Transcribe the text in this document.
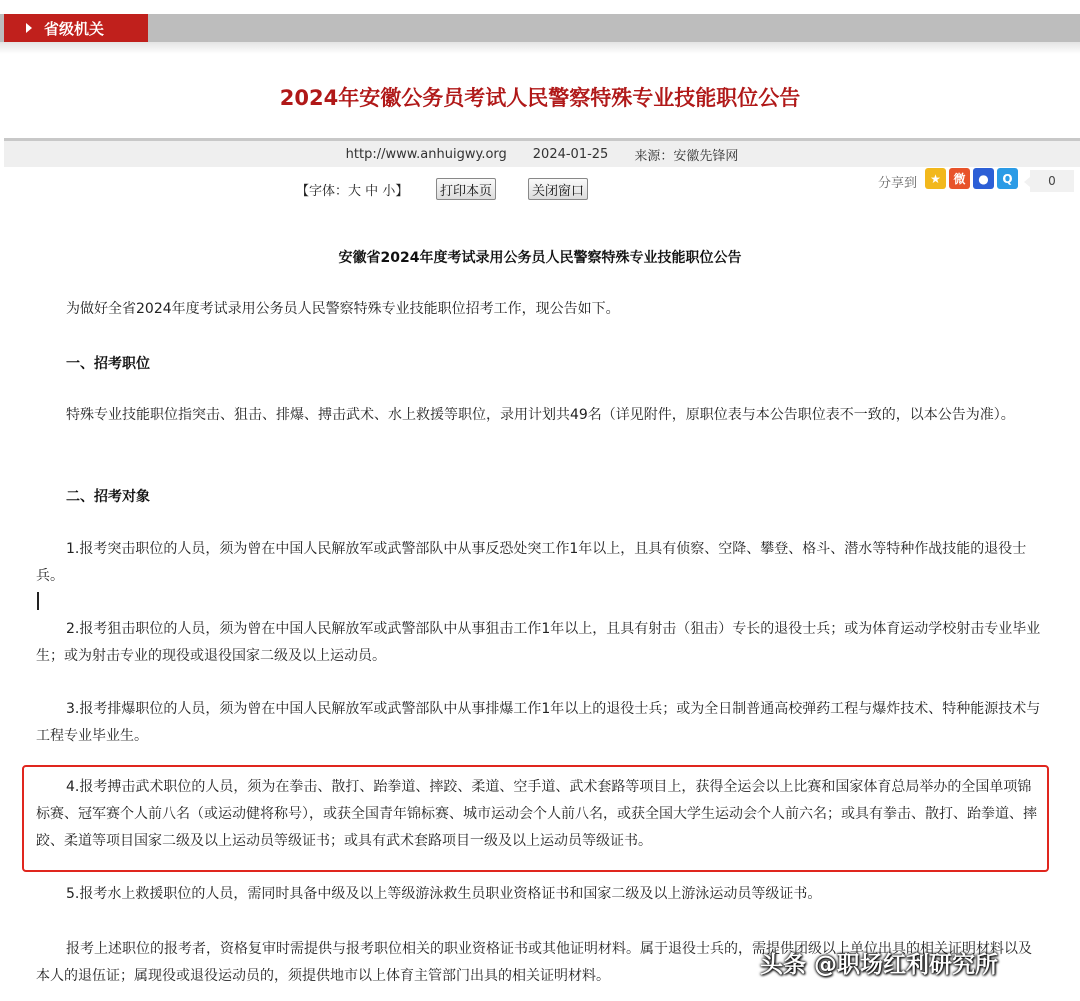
省级机关
2024年安徽公务员考试人民警察特殊专业技能职位公告
http://www.anhuigwy.org 2024-01-25 来源：安徽先锋网
【字体：大 中 小】	打印本页	关闭窗口	分享到	★	微	●	Q	0
安徽省2024年度考试录用公务员人民警察特殊专业技能职位公告
为做好全省2024年度考试录用公务员人民警察特殊专业技能职位招考工作，现公告如下。
一、招考职位
特殊专业技能职位指突击、狙击、排爆、搏击武术、水上救援等职位，录用计划共49名（详见附件，原职位表与本公告职位表不一致的，以本公告为准）。
二、招考对象
1.报考突击职位的人员，须为曾在中国人民解放军或武警部队中从事反恐处突工作1年以上，且具有侦察、空降、攀登、格斗、潜水等特种作战技能的退役士兵。
2.报考狙击职位的人员，须为曾在中国人民解放军或武警部队中从事狙击工作1年以上，且具有射击（狙击）专长的退役士兵；或为体育运动学校射击专业毕业生；或为射击专业的现役或退役国家二级及以上运动员。
3.报考排爆职位的人员，须为曾在中国人民解放军或武警部队中从事排爆工作1年以上的退役士兵；或为全日制普通高校弹药工程与爆炸技术、特种能源技术与工程专业毕业生。
4.报考搏击武术职位的人员，须为在拳击、散打、跆拳道、摔跤、柔道、空手道、武术套路等项目上，获得全运会以上比赛和国家体育总局举办的全国单项锦标赛、冠军赛个人前八名（或运动健将称号），或获全国青年锦标赛、城市运动会个人前八名，或获全国大学生运动会个人前六名；或具有拳击、散打、跆拳道、摔跤、柔道等项目国家二级及以上运动员等级证书；或具有武术套路项目一级及以上运动员等级证书。
5.报考水上救援职位的人员，需同时具备中级及以上等级游泳救生员职业资格证书和国家二级及以上游泳运动员等级证书。
报考上述职位的报考者，资格复审时需提供与报考职位相关的职业资格证书或其他证明材料。属于退役士兵的，需提供团级以上单位出具的相关证明材料以及本人的退伍证；属现役或退役运动员的，须提供地市以上体育主管部门出具的相关证明材料。	头条 @职场红利研究所
